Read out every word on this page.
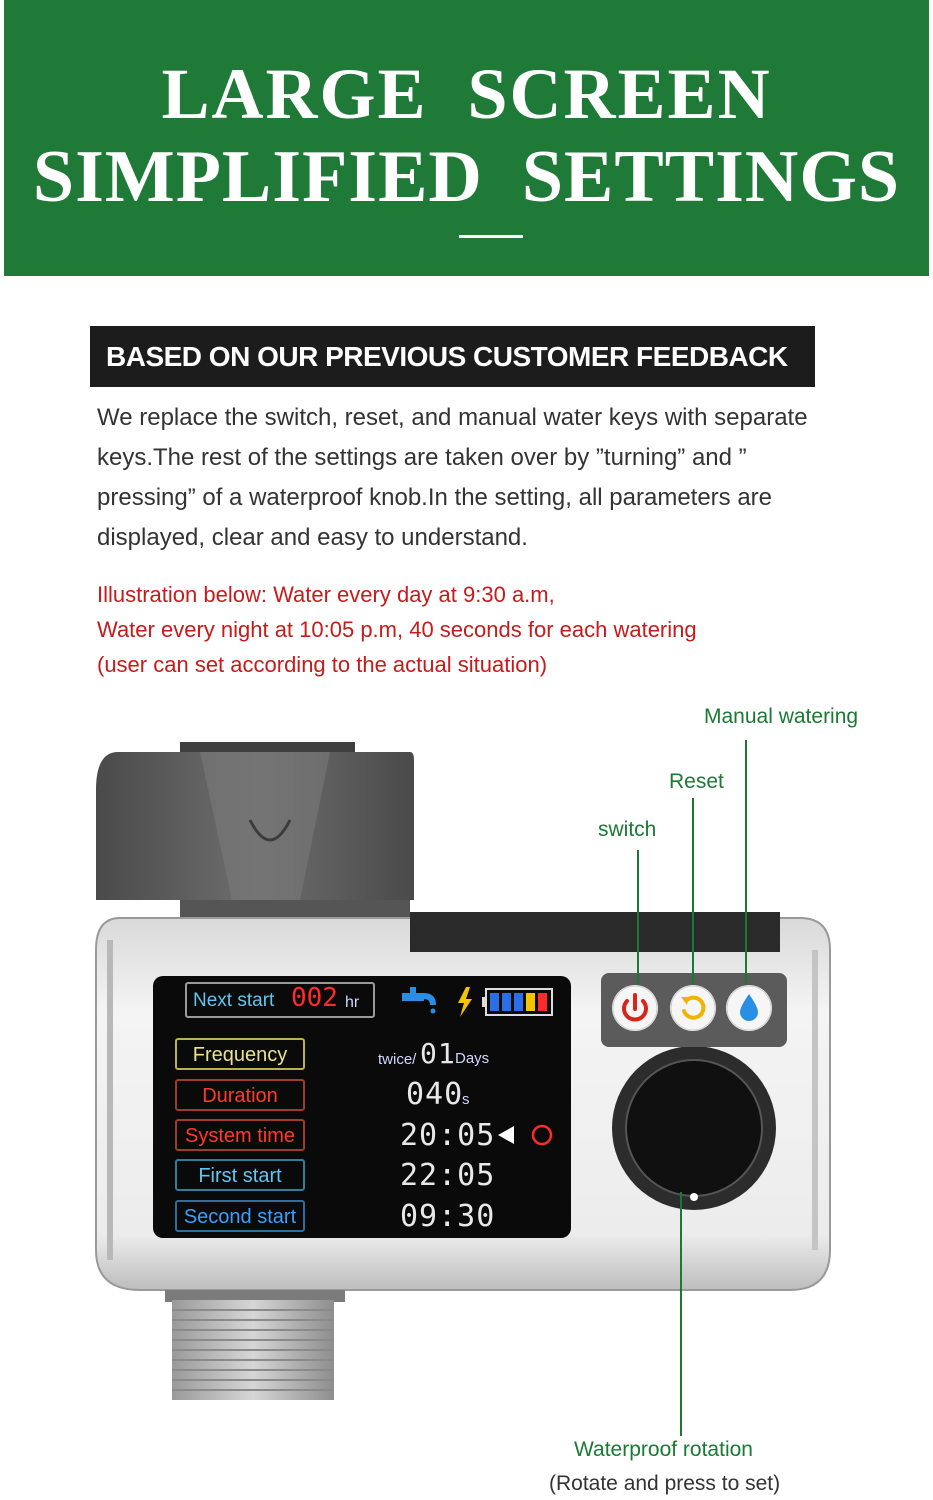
LARGE  SCREEN
SIMPLIFIED  SETTINGS
BASED ON OUR PREVIOUS CUSTOMER FEEDBACK
We replace the switch, reset, and manual water keys with separate
keys.The rest of the settings are taken over by ”turning” and ”
pressing” of a waterproof knob.In the setting, all parameters are
displayed, clear and easy to understand.
Illustration below: Water every day at 9:30 a.m,
Water every night at 10:05 p.m, 40 seconds for each watering
(user can set according to the actual situation)
Next start 002 hr
Frequency
Duration
System time
First start
Second start
twice/ 01 Days
040
s
20:05
22:05
09:30
Manual watering
Reset
switch
Waterproof rotation
(Rotate and press to set)
